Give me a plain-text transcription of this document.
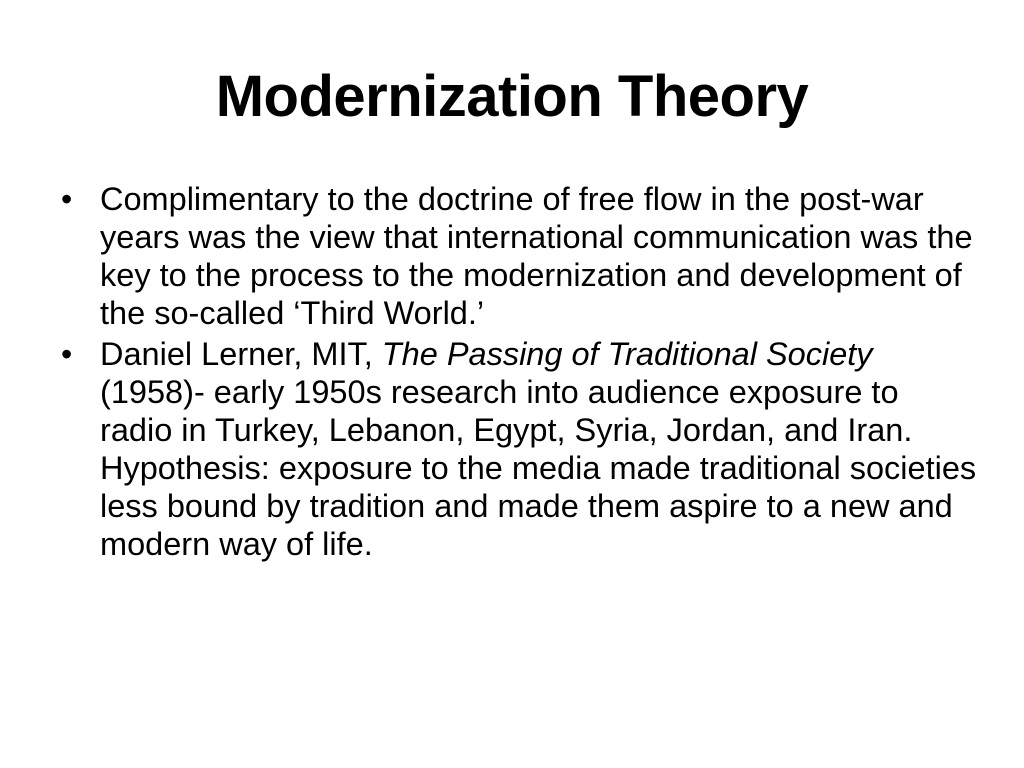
Modernization Theory
• Complimentary to the doctrine of free flow in the post-war years was the view that international communication was the key to the process to the modernization and development of the so-called ‘Third World.’
• Daniel Lerner, MIT, The Passing of Traditional Society (1958)- early 1950s research into audience exposure to radio in Turkey, Lebanon, Egypt, Syria, Jordan, and Iran. Hypothesis: exposure to the media made traditional societies less bound by tradition and made them aspire to a new and modern way of life.
